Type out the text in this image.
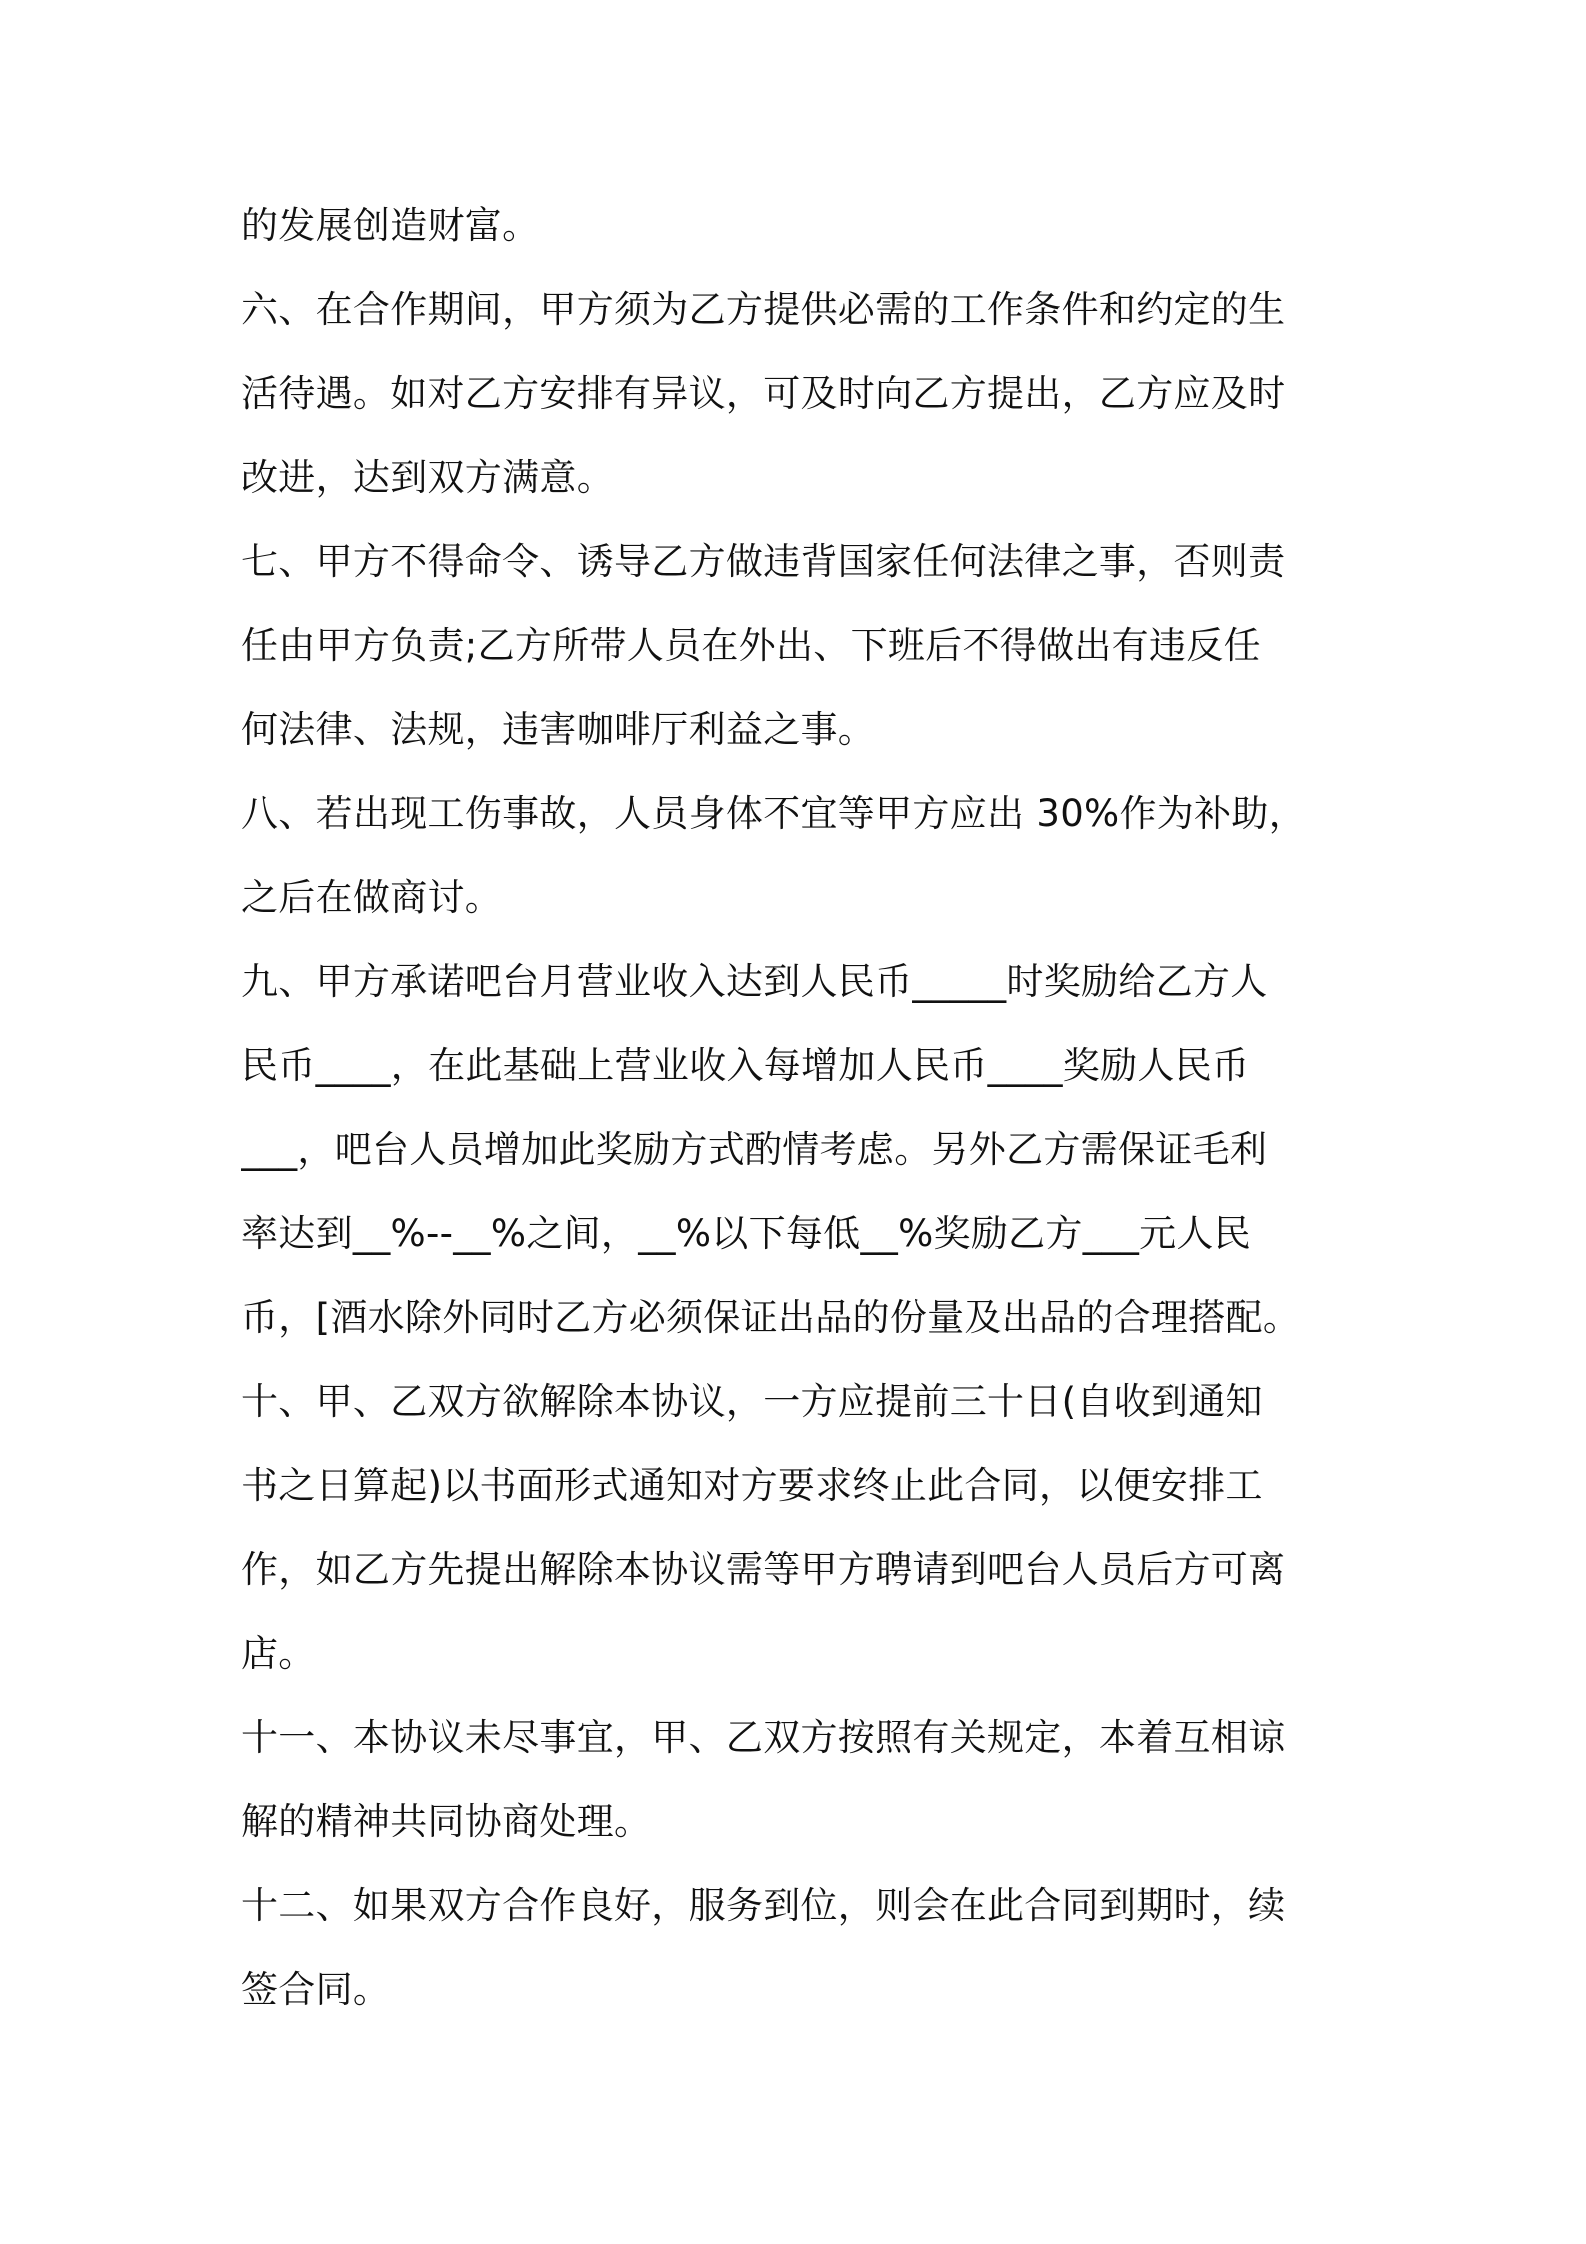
的发展创造财富。
六、在合作期间，甲方须为乙方提供必需的工作条件和约定的生
活待遇。如对乙方安排有异议，可及时向乙方提出，乙方应及时
改进，达到双方满意。
七、甲方不得命令、诱导乙方做违背国家任何法律之事，否则责
任由甲方负责;乙方所带人员在外出、下班后不得做出有违反任
何法律、法规，违害咖啡厅利益之事。
八、若出现工伤事故，人员身体不宜等甲方应出 30%作为补助，
之后在做商讨。
九、甲方承诺吧台月营业收入达到人民币_____时奖励给乙方人
民币____，在此基础上营业收入每增加人民币____奖励人民币
___，吧台人员增加此奖励方式酌情考虑。另外乙方需保证毛利
率达到__%--__%之间，__%以下每低__%奖励乙方___元人民
币，[酒水除外同时乙方必须保证出品的份量及出品的合理搭配。
十、甲、乙双方欲解除本协议，一方应提前三十日(自收到通知
书之日算起)以书面形式通知对方要求终止此合同，以便安排工
作，如乙方先提出解除本协议需等甲方聘请到吧台人员后方可离
店。
十一、本协议未尽事宜，甲、乙双方按照有关规定，本着互相谅
解的精神共同协商处理。
十二、如果双方合作良好，服务到位，则会在此合同到期时，续
签合同。
